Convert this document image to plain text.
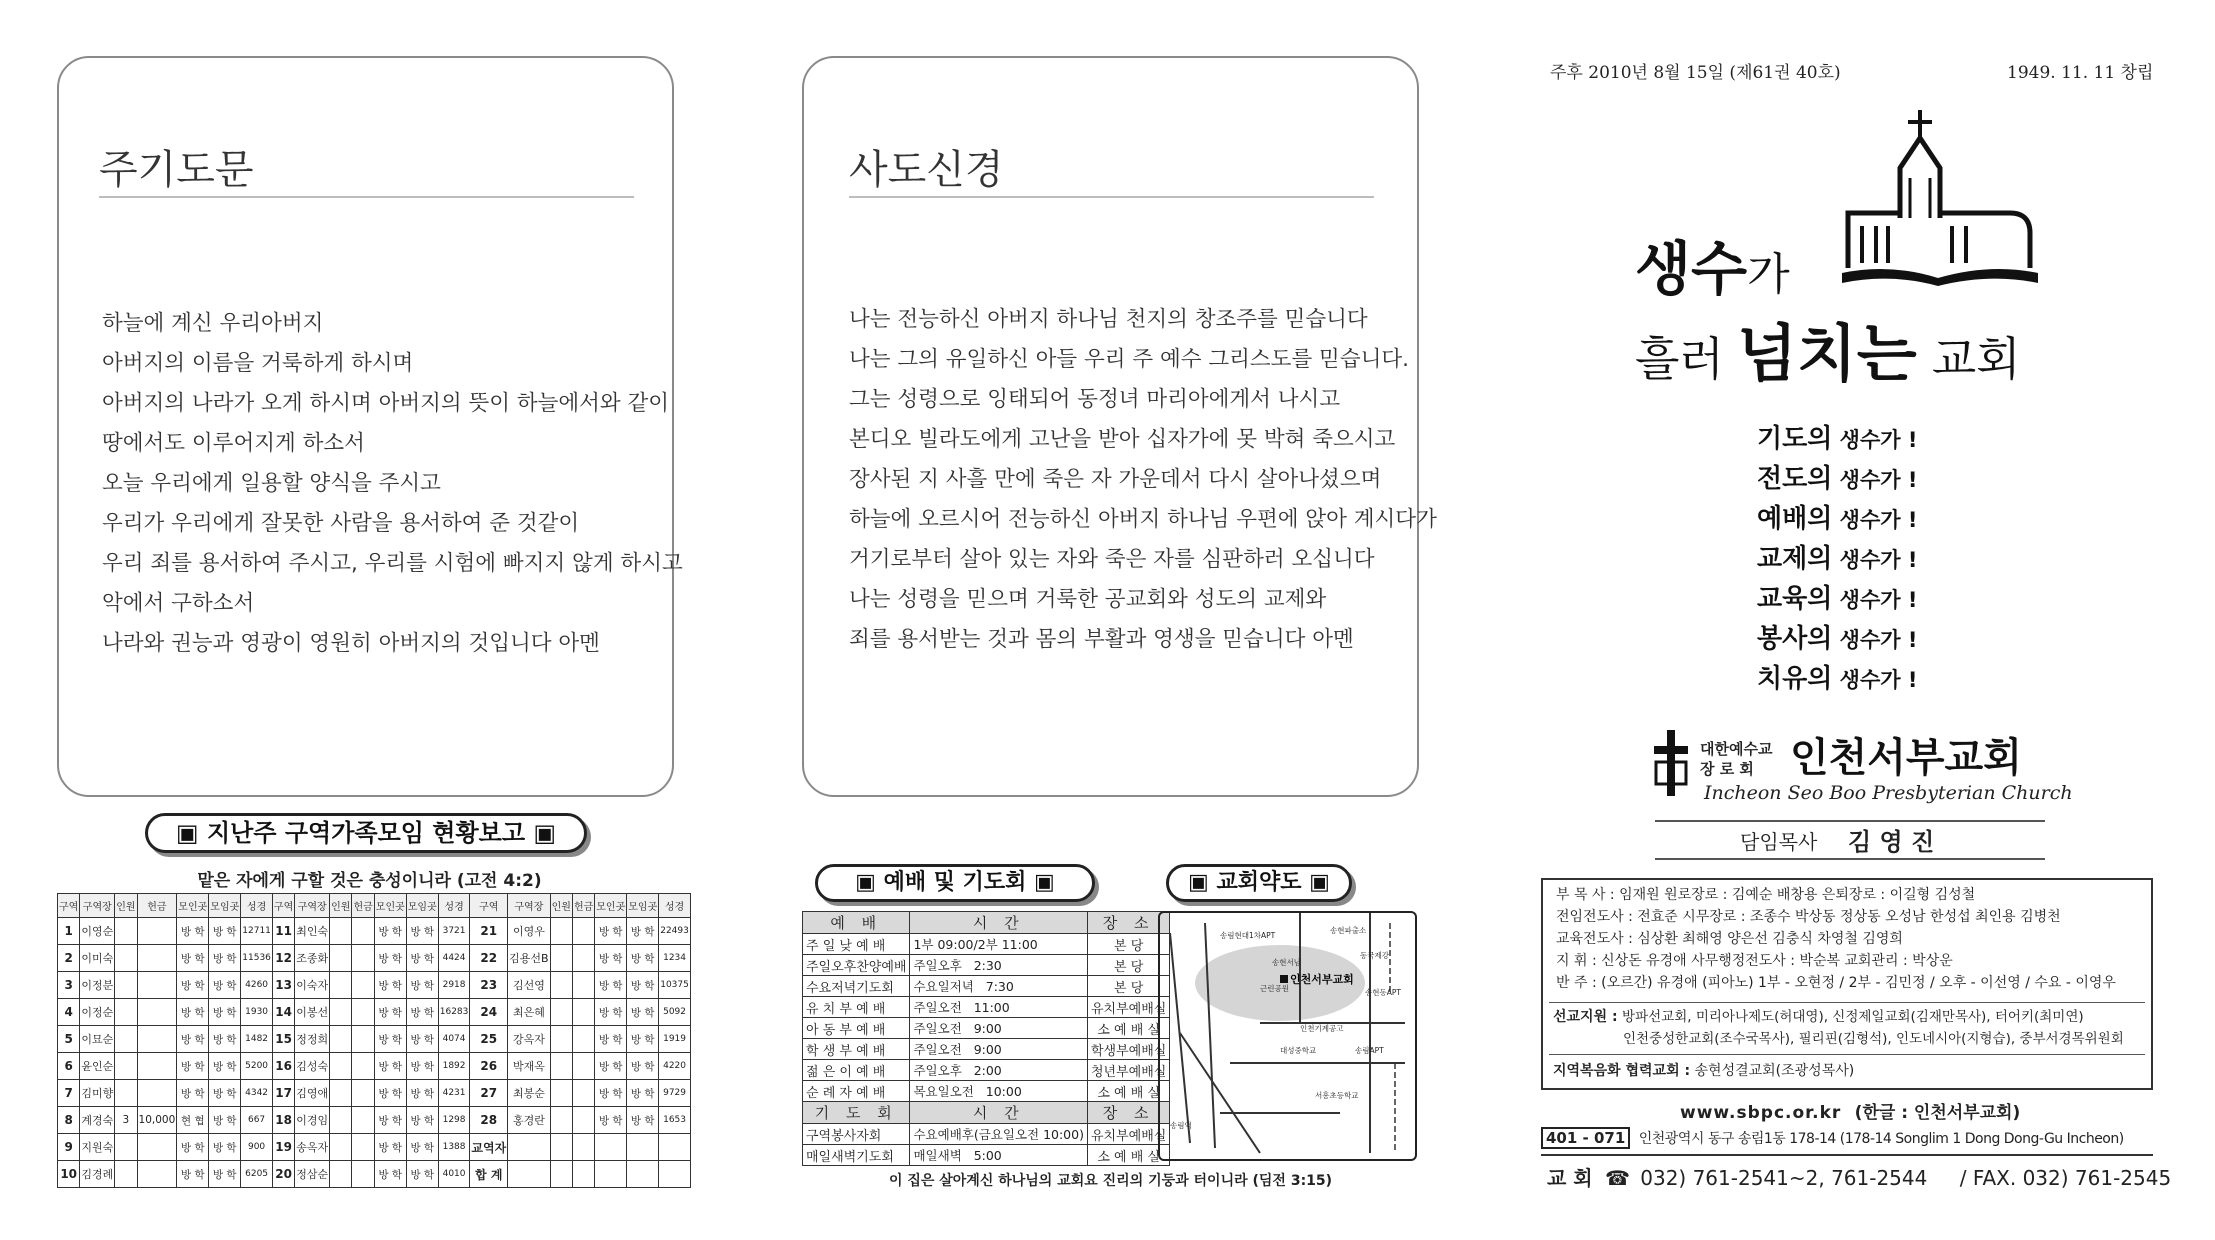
주기도문
하늘에 계신 우리아버지
아버지의 이름을 거룩하게 하시며
아버지의 나라가 오게 하시며 아버지의 뜻이 하늘에서와 같이
땅에서도 이루어지게 하소서
오늘 우리에게 일용할 양식을 주시고
우리가 우리에게 잘못한 사람을 용서하여 준 것같이
우리 죄를 용서하여 주시고, 우리를 시험에 빠지지 않게 하시고
악에서 구하소서
나라와 권능과 영광이 영원히 아버지의 것입니다 아멘
사도신경
나는 전능하신 아버지 하나님 천지의 창조주를 믿습니다
나는 그의 유일하신 아들 우리 주 예수 그리스도를 믿습니다.
그는 성령으로 잉태되어 동정녀 마리아에게서 나시고
본디오 빌라도에게 고난을 받아 십자가에 못 박혀 죽으시고
장사된 지 사흘 만에 죽은 자 가운데서 다시 살아나셨으며
하늘에 오르시어 전능하신 아버지 하나님 우편에 앉아 계시다가
거기로부터 살아 있는 자와 죽은 자를 심판하러 오십니다
나는 성령을 믿으며 거룩한 공교회와 성도의 교제와
죄를 용서받는 것과 몸의 부활과 영생을 믿습니다 아멘
▣ 지난주 구역가족모임 현황보고 ▣
맡은 자에게 구할 것은 충성이니라 (고전 4:2)
구역	구역장	인원	헌금	모인곳	모임곳	성경	구역	구역장	인원	헌금	모인곳	모임곳	성경	구역	구역장	인원	헌금	모인곳	모임곳	성경
1	이영순			방 학	방 학	12711	11	최인숙			방 학	방 학	3721	21	이영우			방 학	방 학	22493
2	이미숙			방 학	방 학	11536	12	조종화			방 학	방 학	4424	22	김용선B			방 학	방 학	1234
3	이정분			방 학	방 학	4260	13	이숙자			방 학	방 학	2918	23	김선영			방 학	방 학	10375
4	이정순			방 학	방 학	1930	14	이봉선			방 학	방 학	16283	24	최은혜			방 학	방 학	5092
5	이묘순			방 학	방 학	1482	15	정정희			방 학	방 학	4074	25	강옥자			방 학	방 학	1919
6	윤인순			방 학	방 학	5200	16	김성숙			방 학	방 학	1892	26	박재옥			방 학	방 학	4220
7	김미향			방 학	방 학	4342	17	김영애			방 학	방 학	4231	27	최봉순			방 학	방 학	9729
8	계경숙	3	10,000	현 협	방 학	667	18	이경임			방 학	방 학	1298	28	홍경란			방 학	방 학	1653
9	지원숙			방 학	방 학	900	19	송옥자			방 학	방 학	1388	교역자						
10	김경례			방 학	방 학	6205	20	정삼순			방 학	방 학	4010	합 계						
▣ 예배 및 기도회 ▣
예 배	시 간	장 소
주 일 낮 예 배	1부 09:00/2부 11:00	본 당
주일오후찬양예배	주일오후   2:30	본 당
수요저녁기도회	수요일저녁   7:30	본 당
유 치 부 예 배	주일오전   11:00	유치부예배실
아 동 부 예 배	주일오전   9:00	소 예 배 실
학 생 부 예 배	주일오전   9:00	학생부예배실
젊 은 이 예 배	주일오후   2:00	청년부예배실
순 례 자 예 배	목요일오전   10:00	소 예 배 실
기 도 회	시 간	장 소
구역봉사자회	수요예배후(금요일오전 10:00)	유치부예배실
매일새벽기도회	매일새벽   5:00	소 예 배 실
이 집은 살아계신 하나님의 교회요 진리의 기둥과 터이니라 (딤전 3:15)
▣ 교회약도 ▣
인천서부교회
송림현대1차APT
송현파출소
송현서남
근린공원
동국제강
송현동APT
인천기계공고
대성중학교
서흥초등학교
송림APT
송림역
주후 2010년 8월 15일 (제61권 40호)	1949. 11. 11 창립
생수가
흘러 넘치는 교회
기도의 생수가 !
전도의 생수가 !
예배의 생수가 !
교제의 생수가 !
교육의 생수가 !
봉사의 생수가 !
치유의 생수가 !
대한예수교
장 로 회 인천서부교회
Incheon Seo Boo Presbyterian Church
담임목사 김 영 진
부 목 사 : 임재원 원로장로 : 김예순 배창용 은퇴장로 : 이길형 김성철
전임전도사 : 전효준 시무장로 : 조종수 박상동 정상동 오성남 한성섭 최인용 김병천
교육전도사 : 심상환 최해영 양은선 김충식 차영철 김영희
지 휘 : 신상돈 유경애 사무행정전도사 : 박순복 교회관리 : 박상운
반 주 : (오르간) 유경애 (피아노) 1부 - 오현정 / 2부 - 김민정 / 오후 - 이선영 / 수요 - 이영우
선교지원 : 방파선교회, 미리아나제도(허대영), 신정제일교회(김재만목사), 터어키(최미연)
인천중성한교회(조수국목사), 필리핀(김형석), 인도네시아(지형습), 중부서경목위원회
지역복음화 협력교회 : 송현성결교회(조광성목사)
www.sbpc.or.kr (한글 : 인천서부교회)
401 - 071 인천광역시 동구 송림1동 178-14 (178-14 Songlim 1 Dong Dong-Gu Incheon)
교 회 ☎ 032) 761-2541~2, 761-2544 / FAX. 032) 761-2545
